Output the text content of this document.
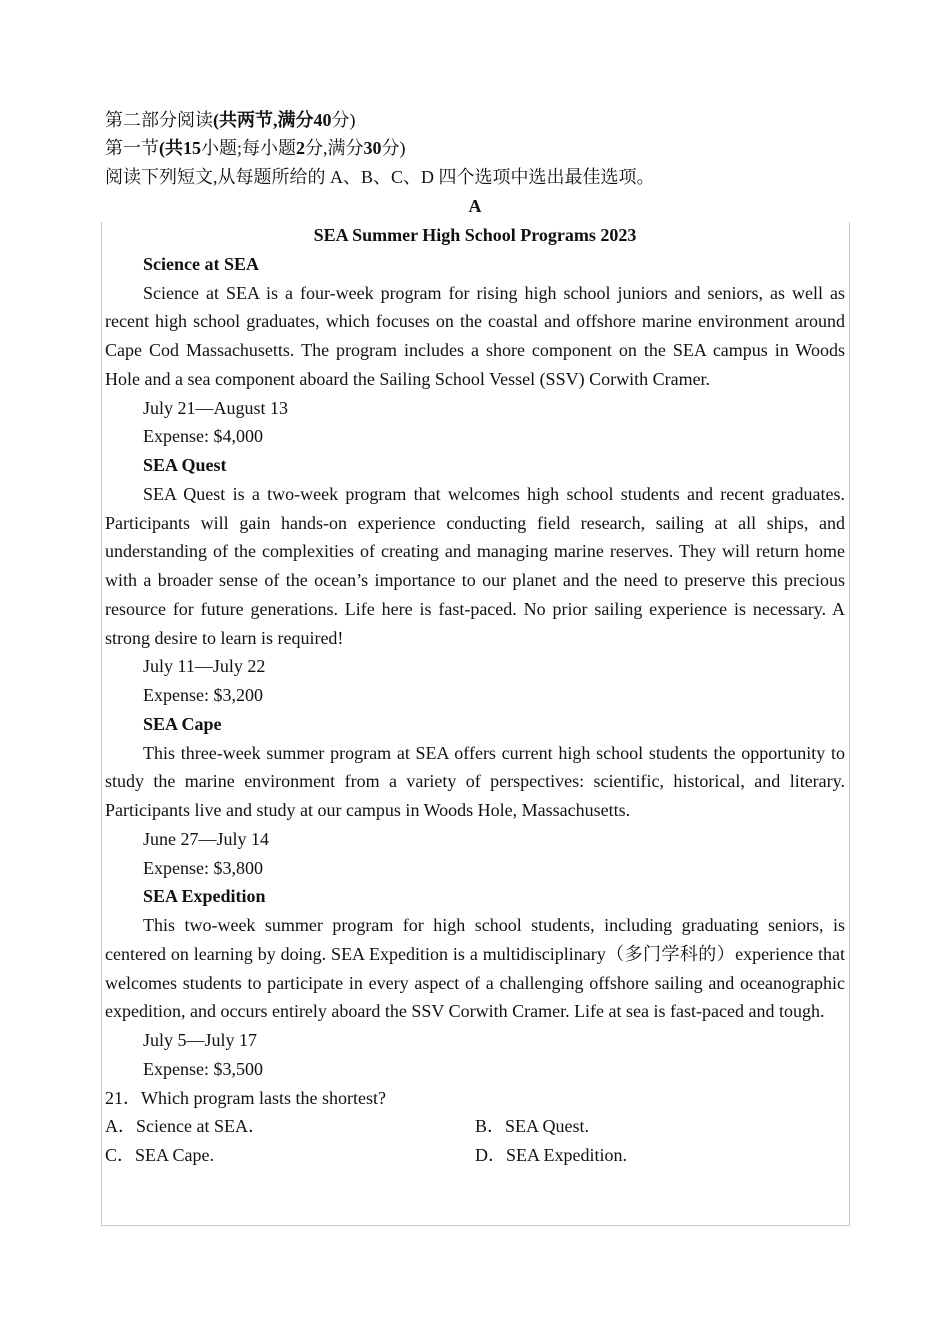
第二部分阅读(共两节,满分40分)
第一节(共15小题;每小题2分,满分30分)
阅读下列短文,从每题所给的 A、B、C、D 四个选项中选出最佳选项。
A

SEA Summer High School Programs 2023

Science at SEA

Science at SEA is a four-week program for rising high school juniors and seniors, as well as recent high school graduates, which focuses on the coastal and offshore marine environment around Cape Cod Massachusetts. The program includes a shore component on the SEA campus in Woods Hole and a sea component aboard the Sailing School Vessel (SSV) Corwith Cramer.

July 21—August 13

Expense: $4,000

SEA Quest

SEA Quest is a two-week program that welcomes high school students and recent graduates. Participants will gain hands-on experience conducting field research, sailing at all ships, and understanding of the complexities of creating and managing marine reserves. They will return home with a broader sense of the ocean’s importance to our planet and the need to preserve this precious resource for future generations. Life here is fast-paced. No prior sailing experience is necessary. A strong desire to learn is required!

July 11—July 22

Expense: $3,200

SEA Cape

This three-week summer program at SEA offers current high school students the opportunity to study the marine environment from a variety of perspectives: scientific, historical, and literary. Participants live and study at our campus in Woods Hole, Massachusetts.

June 27—July 14

Expense: $3,800

SEA Expedition

This two-week summer program for high school students, including graduating seniors, is centered on learning by doing. SEA Expedition is a multidisciplinary（多门学科的）experience that welcomes students to participate in every aspect of a challenging offshore sailing and oceanographic expedition, and occurs entirely aboard the SSV Corwith Cramer. Life at sea is fast-paced and tough.

July 5—July 17

Expense: $3,500

21．Which program lasts the shortest?

A．Science at SEA．	B．SEA Quest.
C．SEA Cape.	D．SEA Expedition.
